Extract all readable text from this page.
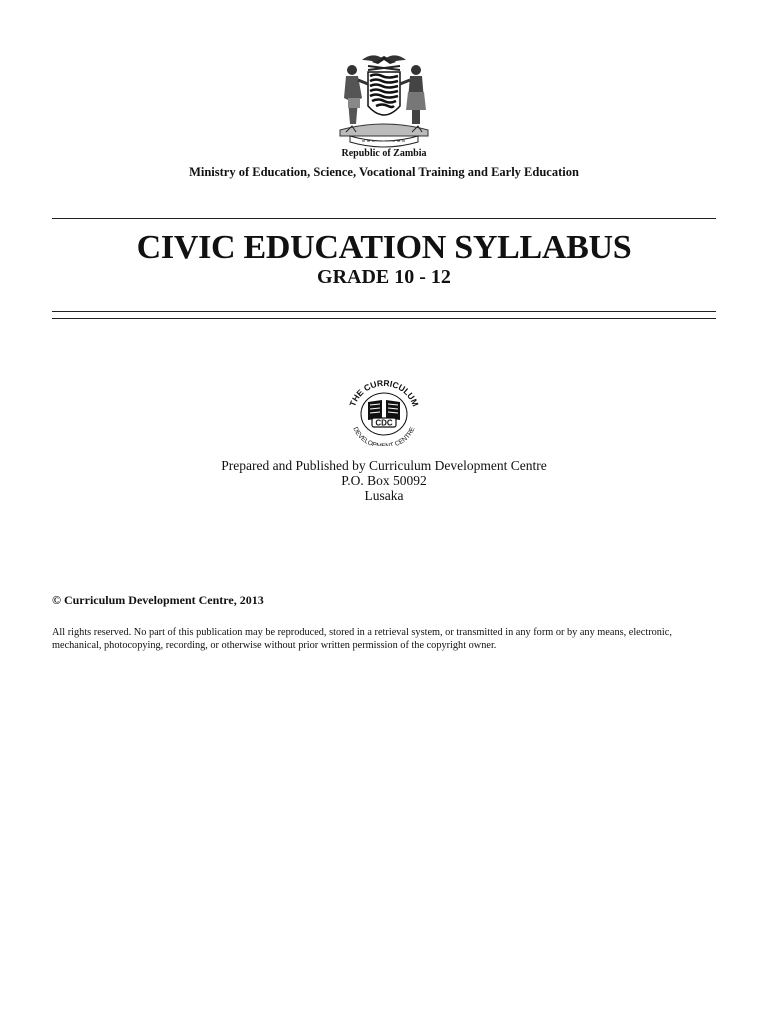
Republic of Zambia
Ministry of Education, Science, Vocational Training and Early Education
CIVIC EDUCATION SYLLABUS
GRADE 10 - 12
THE CURRICULUM
DEVELOP T CENTRE
CDC
Prepared and Published by Curriculum Development Centre
P.O. Box 50092
Lusaka
© Curriculum Development Centre, 2013
All rights reserved. No part of this publication may be reproduced, stored in a retrieval system, or transmitted in any form or by any means, electronic,
mechanical, photocopying, recording, or otherwise without prior written permission of the copyright owner.
